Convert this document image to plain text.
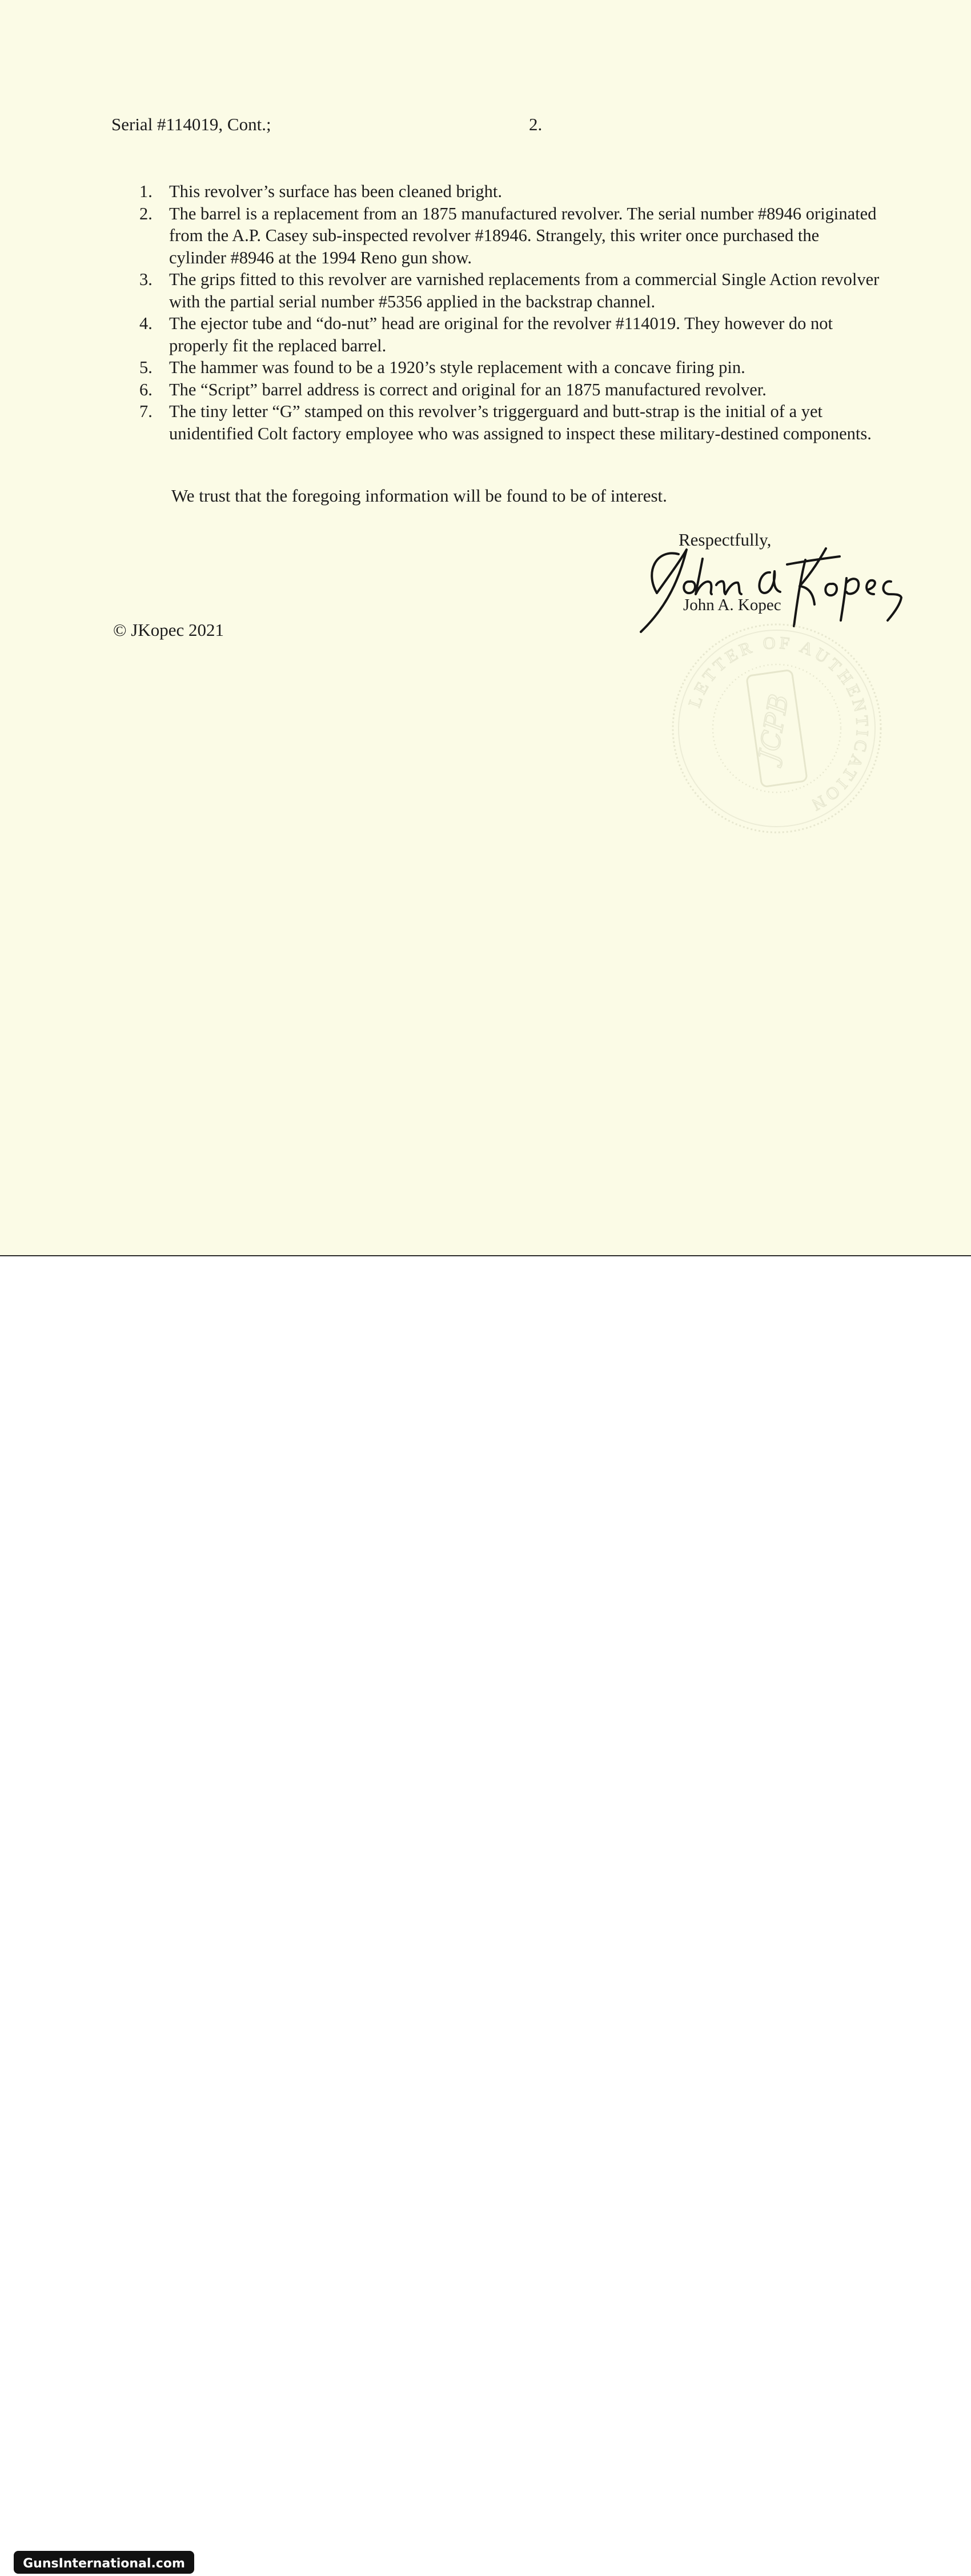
Serial #114019, Cont.;	2.
1. This revolver’s surface has been cleaned bright.
2. The barrel is a replacement from an 1875 manufactured revolver. The serial number #8946 originated from the A.P. Casey sub-inspected revolver #18946. Strangely, this writer once purchased the cylinder #8946 at the 1994 Reno gun show.
3. The grips fitted to this revolver are varnished replacements from a commercial Single Action revolver with the partial serial number #5356 applied in the backstrap channel.
4. The ejector tube and “do-nut” head are original for the revolver #114019. They however do not properly fit the replaced barrel.
5. The hammer was found to be a 1920’s style replacement with a concave firing pin.
6. The “Script” barrel address is correct and original for an 1875 manufactured revolver.
7. The tiny letter “G” stamped on this revolver’s triggerguard and butt-strap is the initial of a yet unidentified Colt factory employee who was assigned to inspect these military-destined components.
We trust that the foregoing information will be found to be of interest.
Respectfully,
John A. Kopec
© JKopec 2021
LETTER OF AUTHENTICATION
JCPB
GunsInternational.com
